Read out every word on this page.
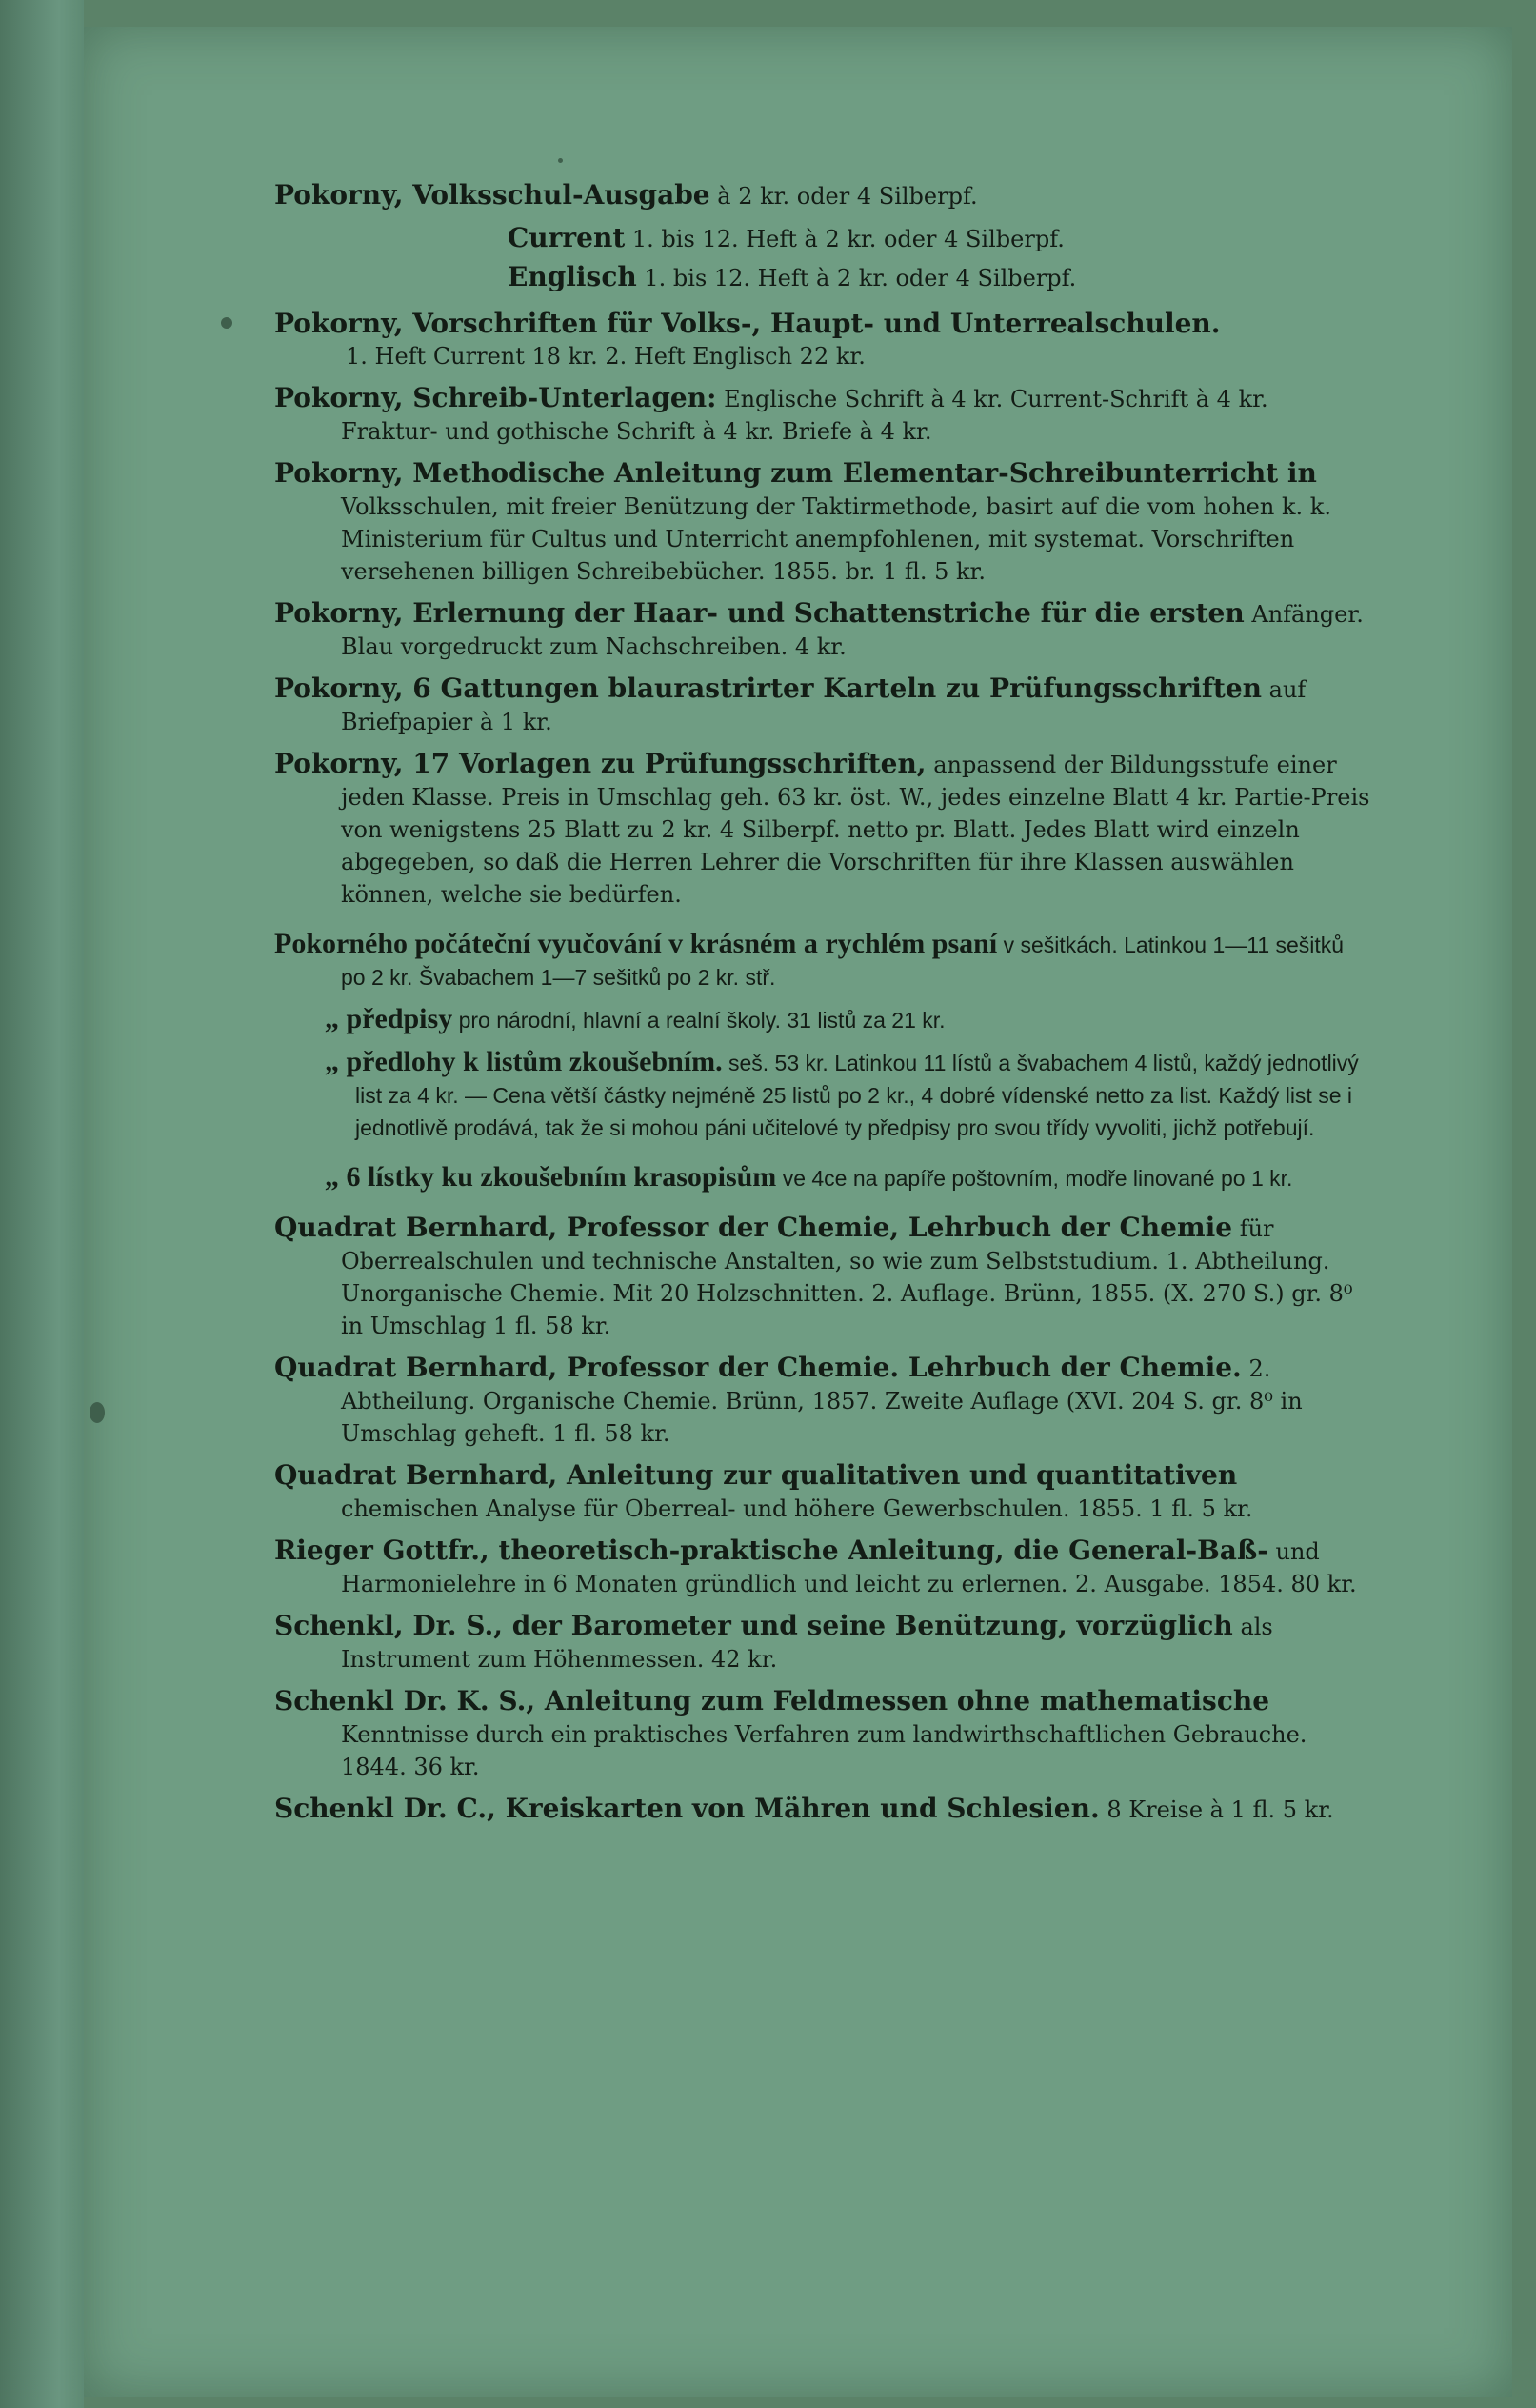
Pokorny, Volksschul-Ausgabe à 2 kr. oder 4 Silberpf.
Current 1. bis 12. Heft à 2 kr. oder 4 Silberpf.
Englisch 1. bis 12. Heft à 2 kr. oder 4 Silberpf.
Pokorny, Vorschriften für Volks-, Haupt- und Unterrealschulen.
1. Heft Current 18 kr. 2. Heft Englisch 22 kr.
Pokorny, Schreib-Unterlagen: Englische Schrift à 4 kr. Current-Schrift à 4 kr. Fraktur- und gothische Schrift à 4 kr. Briefe à 4 kr.
Pokorny, Methodische Anleitung zum Elementar-Schreibunterricht in Volksschulen, mit freier Benützung der Taktirmethode, basirt auf die vom hohen k. k. Ministerium für Cultus und Unterricht anempfohlenen, mit systemat. Vorschriften versehenen billigen Schreibebücher. 1855. br. 1 fl. 5 kr.
Pokorny, Erlernung der Haar- und Schattenstriche für die ersten Anfänger. Blau vorgedruckt zum Nachschreiben. 4 kr.
Pokorny, 6 Gattungen blaurastrirter Karteln zu Prüfungsschriften auf Briefpapier à 1 kr.
Pokorny, 17 Vorlagen zu Prüfungsschriften, anpassend der Bildungsstufe einer jeden Klasse. Preis in Umschlag geh. 63 kr. öst. W., jedes einzelne Blatt 4 kr. Partie-Preis von wenigstens 25 Blatt zu 2 kr. 4 Silberpf. netto pr. Blatt. Jedes Blatt wird einzeln abgegeben, so daß die Herren Lehrer die Vorschriften für ihre Klassen auswählen können, welche sie bedürfen.
Pokorného počáteční vyučování v krásném a rychlém psaní v sešitkách. Latinkou 1—11 sešitků po 2 kr. Švabachem 1—7 sešitků po 2 kr. stř.
„ předpisy pro národní, hlavní a realní školy. 31 listů za 21 kr.
„ předlohy k listům zkoušebním. seš. 53 kr. Latinkou 11 lístů a švabachem 4 listů, každý jednotlivý list za 4 kr. — Cena větší částky nejméně 25 listů po 2 kr., 4 dobré vídenské netto za list. Každý list se i jednotlivě prodává, tak že si mohou páni učitelové ty předpisy pro svou třídy vyvoliti, jichž potřebují.
„ 6 lístky ku zkoušebním krasopisům ve 4ce na papíře poštovním, modře linované po 1 kr.
Quadrat Bernhard, Professor der Chemie, Lehrbuch der Chemie für Oberrealschulen und technische Anstalten, so wie zum Selbststudium. 1. Abtheilung. Unorganische Chemie. Mit 20 Holzschnitten. 2. Auflage. Brünn, 1855. (X. 270 S.) gr. 8⁰ in Umschlag 1 fl. 58 kr.
Quadrat Bernhard, Professor der Chemie. Lehrbuch der Chemie. 2. Abtheilung. Organische Chemie. Brünn, 1857. Zweite Auflage (XVI. 204 S. gr. 8⁰ in Umschlag geheft. 1 fl. 58 kr.
Quadrat Bernhard, Anleitung zur qualitativen und quantitativen chemischen Analyse für Oberreal- und höhere Gewerbschulen. 1855. 1 fl. 5 kr.
Rieger Gottfr., theoretisch-praktische Anleitung, die General-Baß- und Harmonielehre in 6 Monaten gründlich und leicht zu erlernen. 2. Ausgabe. 1854. 80 kr.
Schenkl, Dr. S., der Barometer und seine Benützung, vorzüglich als Instrument zum Höhenmessen. 42 kr.
Schenkl Dr. K. S., Anleitung zum Feldmessen ohne mathematische Kenntnisse durch ein praktisches Verfahren zum landwirthschaftlichen Gebrauche. 1844. 36 kr.
Schenkl Dr. C., Kreiskarten von Mähren und Schlesien. 8 Kreise à 1 fl. 5 kr.
